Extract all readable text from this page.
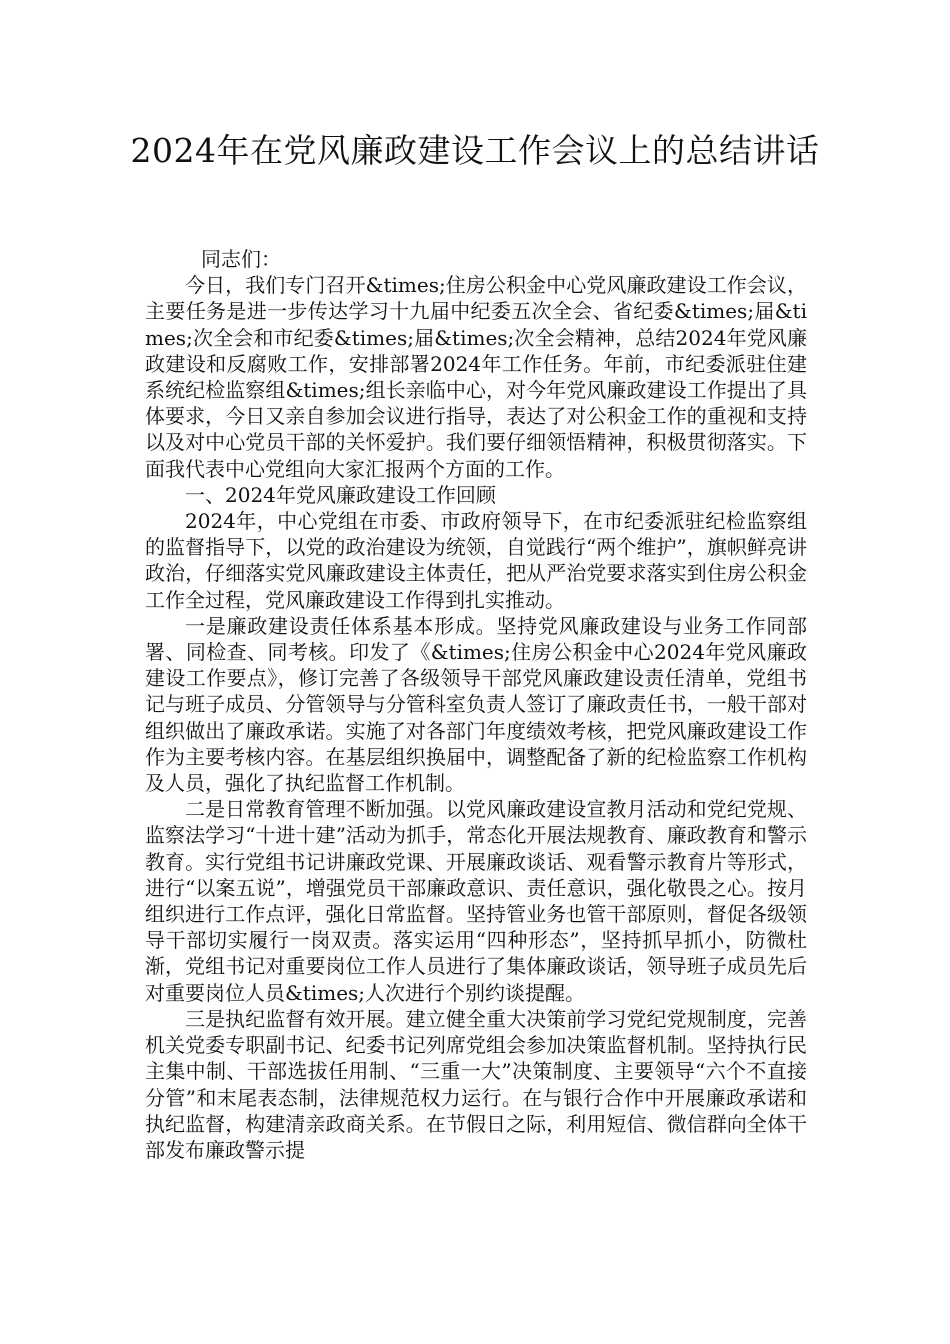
2024年在党风廉政建设工作会议上的总结讲话

同志们：

今日，我们专门召开&times;住房公积金中心党风廉政建设工作会议，主要任务是进一步传达学习十九届中纪委五次全会、省纪委&times;届&times;次全会和市纪委&times;届&times;次全会精神，总结2024年党风廉政建设和反腐败工作，安排部署2024年工作任务。年前，市纪委派驻住建系统纪检监察组&times;组长亲临中心，对今年党风廉政建设工作提出了具体要求，今日又亲自参加会议进行指导，表达了对公积金工作的重视和支持以及对中心党员干部的关怀爱护。我们要仔细领悟精神，积极贯彻落实。下面我代表中心党组向大家汇报两个方面的工作。

一、2024年党风廉政建设工作回顾

2024年，中心党组在市委、市政府领导下，在市纪委派驻纪检监察组的监督指导下，以党的政治建设为统领，自觉践行“两个维护”，旗帜鲜亮讲政治，仔细落实党风廉政建设主体责任，把从严治党要求落实到住房公积金工作全过程，党风廉政建设工作得到扎实推动。

一是廉政建设责任体系基本形成。坚持党风廉政建设与业务工作同部署、同检查、同考核。印发了《&times;住房公积金中心2024年党风廉政建设工作要点》，修订完善了各级领导干部党风廉政建设责任清单，党组书记与班子成员、分管领导与分管科室负责人签订了廉政责任书，一般干部对组织做出了廉政承诺。实施了对各部门年度绩效考核，把党风廉政建设工作作为主要考核内容。在基层组织换届中，调整配备了新的纪检监察工作机构及人员，强化了执纪监督工作机制。

二是日常教育管理不断加强。以党风廉政建设宣教月活动和党纪党规、监察法学习“十进十建”活动为抓手，常态化开展法规教育、廉政教育和警示教育。实行党组书记讲廉政党课、开展廉政谈话、观看警示教育片等形式，进行“以案五说”，增强党员干部廉政意识、责任意识，强化敬畏之心。按月组织进行工作点评，强化日常监督。坚持管业务也管干部原则，督促各级领导干部切实履行一岗双责。落实运用“四种形态”，坚持抓早抓小，防微杜渐，党组书记对重要岗位工作人员进行了集体廉政谈话，领导班子成员先后对重要岗位人员&times;人次进行个别约谈提醒。

三是执纪监督有效开展。建立健全重大决策前学习党纪党规制度，完善机关党委专职副书记、纪委书记列席党组会参加决策监督机制。坚持执行民主集中制、干部选拔任用制、“三重一大”决策制度、主要领导“六个不直接分管”和末尾表态制，法律规范权力运行。在与银行合作中开展廉政承诺和执纪监督，构建清亲政商关系。在节假日之际，利用短信、微信群向全体干部发布廉政警示提
